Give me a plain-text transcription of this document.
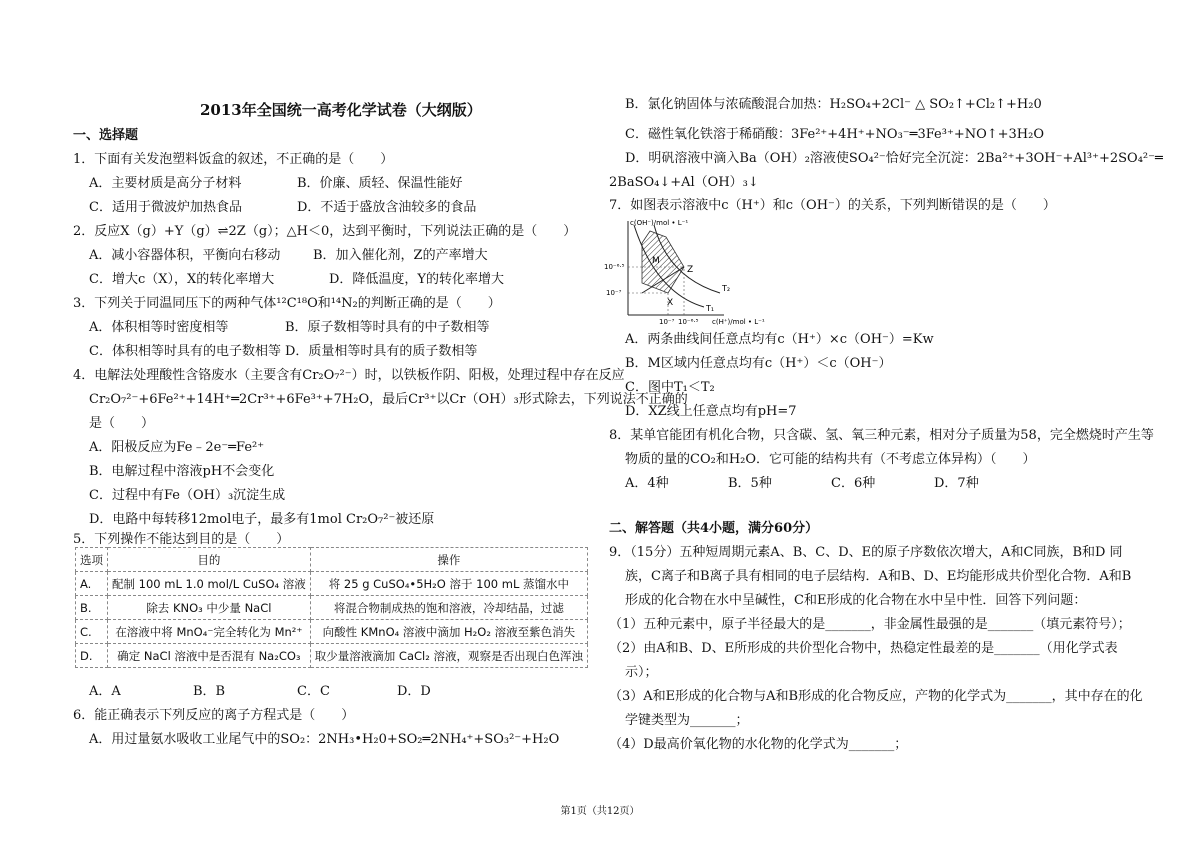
2013年全国统一高考化学试卷（大纲版）
一、选择题
1．下面有关发泡塑料饭盒的叙述，不正确的是（　　）
A．主要材质是高分子材料	B．价廉、质轻、保温性能好
C．适用于微波炉加热食品	D．不适于盛放含油较多的食品
2．反应X（g）+Y（g）⇌2Z（g）；△H＜0，达到平衡时，下列说法正确的是（　　）
A．减小容器体积，平衡向右移动	B．加入催化剂，Z的产率增大
C．增大c（X），X的转化率增大	D．降低温度，Y的转化率增大
3．下列关于同温同压下的两种气体¹²C¹⁸O和¹⁴N₂的判断正确的是（　　）
A．体积相等时密度相等	B．原子数相等时具有的中子数相等
C．体积相等时具有的电子数相等 D．质量相等时具有的质子数相等
4．电解法处理酸性含铬废水（主要含有Cr₂O₇²⁻）时，以铁板作阴、阳极，处理过程中存在反应
Cr₂O₇²⁻+6Fe²⁺+14H⁺═2Cr³⁺+6Fe³⁺+7H₂O，最后Cr³⁺以Cr（OH）₃形式除去，下列说法不正确的
是（　　）
A．阳极反应为Fe﹣2e⁻═Fe²⁺
B．电解过程中溶液pH不会变化
C．过程中有Fe（OH）₃沉淀生成
D．电路中每转移12mol电子，最多有1mol Cr₂O₇²⁻被还原
5．下列操作不能达到目的是（　　）
选项	目的	操作
A.	配制 100 mL 1.0 mol/L CuSO₄ 溶液	将 25 g CuSO₄•5H₂O 溶于 100 mL 蒸馏水中
B.	除去 KNO₃ 中少量 NaCl	将混合物制成热的饱和溶液，冷却结晶，过滤
C.	在溶液中将 MnO₄⁻完全转化为 Mn²⁺	向酸性 KMnO₄ 溶液中滴加 H₂O₂ 溶液至紫色消失
D.	确定 NaCl 溶液中是否混有 Na₂CO₃	取少量溶液滴加 CaCl₂ 溶液，观察是否出现白色浑浊
A．A	B．B	C．C	D．D
6．能正确表示下列反应的离子方程式是（　　）
A．用过量氨水吸收工业尾气中的SO₂：2NH₃•H₂0+SO₂═2NH₄⁺+SO₃²⁻+H₂O
B．氯化钠固体与浓硫酸混合加热：H₂SO₄+2Cl⁻ △ SO₂↑+Cl₂↑+H₂0
C．磁性氧化铁溶于稀硝酸：3Fe²⁺+4H⁺+NO₃⁻═3Fe³⁺+NO↑+3H₂O
D．明矾溶液中滴入Ba（OH）₂溶液使SO₄²⁻恰好完全沉淀：2Ba²⁺+3OH⁻+Al³⁺+2SO₄²⁻═
2BaSO₄↓+Al（OH）₃↓
7．如图表示溶液中c（H⁺）和c（OH⁻）的关系，下列判断错误的是（　　）
c(OH⁻)/mol • L⁻¹
c(H⁺)/mol • L⁻¹
10⁻⁶·⁵
10⁻⁷
10⁻⁷ 10⁻⁶·⁵
M
X
Z
T₁
T₂
A．两条曲线间任意点均有c（H⁺）×c（OH⁻）=Kw
B．M区域内任意点均有c（H⁺）＜c（OH⁻）
C．图中T₁＜T₂
D．XZ线上任意点均有pH=7
8．某单官能团有机化合物，只含碳、氢、氧三种元素，相对分子质量为58，完全燃烧时产生等
物质的量的CO₂和H₂O．它可能的结构共有（不考虑立体异构）（　　）
A．4种	B．5种	C．6种	D．7种
二、解答题（共4小题，满分60分）
9．（15分）五种短周期元素A、B、C、D、E的原子序数依次增大，A和C同族，B和D 同
族，C离子和B离子具有相同的电子层结构．A和B、D、E均能形成共价型化合物．A和B
形成的化合物在水中呈碱性，C和E形成的化合物在水中呈中性．回答下列问题：
（1）五种元素中，原子半径最大的是_______，非金属性最强的是_______（填元素符号）；
（2）由A和B、D、E所形成的共价型化合物中，热稳定性最差的是_______（用化学式表
示）；
（3）A和E形成的化合物与A和B形成的化合物反应，产物的化学式为_______，其中存在的化
学键类型为_______；
（4）D最高价氧化物的水化物的化学式为_______；
第1页（共12页）
